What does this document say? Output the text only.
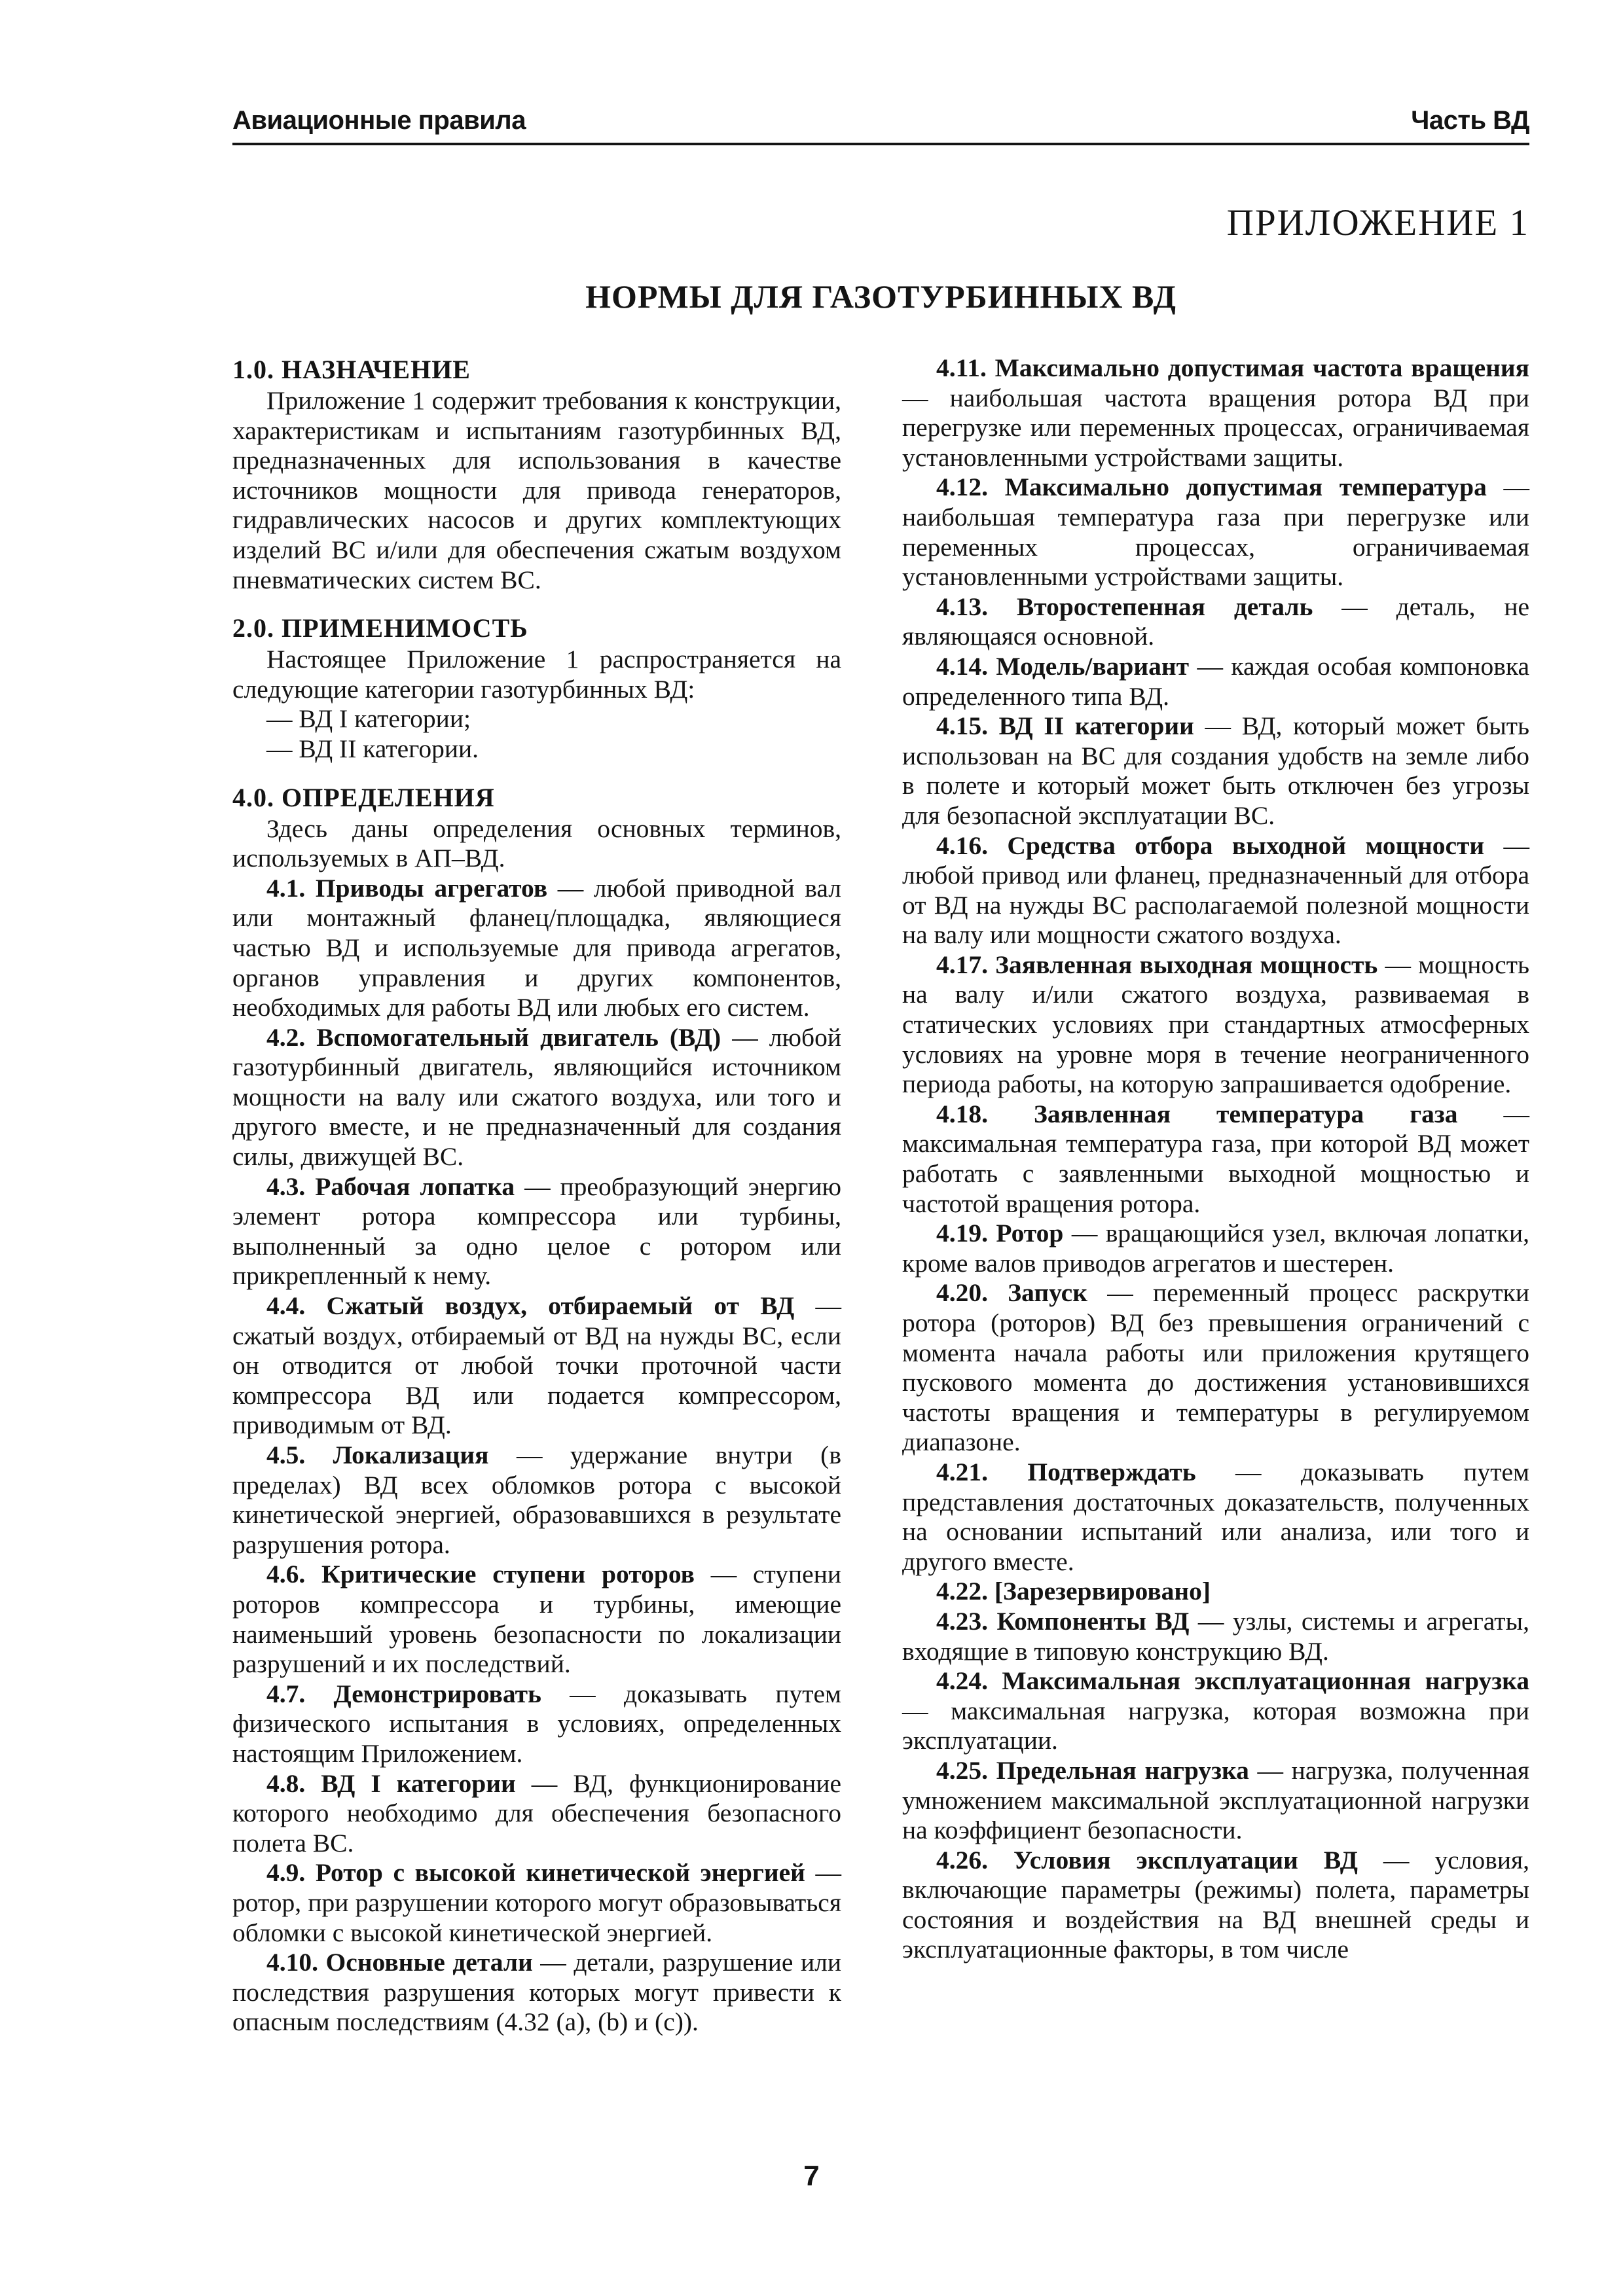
Авиационные правила	Часть ВД
ПРИЛОЖЕНИЕ 1
НОРМЫ ДЛЯ ГАЗОТУРБИННЫХ ВД
1.0. НАЗНАЧЕНИЕ

Приложение 1 содержит требования к конструкции, характеристикам и испытаниям газотурбинных ВД, предназначенных для использования в качестве источников мощности для привода генераторов, гидравлических насосов и других комплектующих изделий ВС и/или для обеспечения сжатым воздухом пневматических систем ВС.

2.0. ПРИМЕНИМОСТЬ

Настоящее Приложение 1 распространяется на следующие категории газотурбинных ВД:

— ВД I категории;

— ВД II категории.

4.0. ОПРЕДЕЛЕНИЯ

Здесь даны определения основных терминов, используемых в АП–ВД.

4.1. Приводы агрегатов — любой приводной вал или монтажный фланец/площадка, являющиеся частью ВД и используемые для привода агрегатов, органов управления и других компонентов, необходимых для работы ВД или любых его систем.

4.2. Вспомогательный двигатель (ВД) — любой газотурбинный двигатель, являющийся источником мощности на валу или сжатого воздуха, или того и другого вместе, и не предназначенный для создания силы, движущей ВС.

4.3. Рабочая лопатка — преобразующий энергию элемент ротора компрессора или турбины, выполненный за одно целое с ротором или прикрепленный к нему.

4.4. Сжатый воздух, отбираемый от ВД — сжатый воздух, отбираемый от ВД на нужды ВС, если он отводится от любой точки проточной части компрессора ВД или подается компрессором, приводимым от ВД.

4.5. Локализация — удержание внутри (в пределах) ВД всех обломков ротора с высокой кинетической энергией, образовавшихся в результате разрушения ротора.

4.6. Критические ступени роторов — ступени роторов компрессора и турбины, имеющие наименьший уровень безопасности по локализации разрушений и их последствий.

4.7. Демонстрировать — доказывать путем физического испытания в условиях, определенных настоящим Приложением.

4.8. ВД I категории — ВД, функционирование которого необходимо для обеспечения безопасного полета ВС.

4.9. Ротор с высокой кинетической энергией — ротор, при разрушении которого могут образовываться обломки с высокой кинетической энергией.

4.10. Основные детали — детали, разрушение или последствия разрушения которых могут привести к опасным последствиям (4.32 (a), (b) и (c)).

4.11. Максимально допустимая частота вращения — наибольшая частота вращения ротора ВД при перегрузке или переменных процессах, ограничиваемая установленными устройствами защиты.

4.12. Максимально допустимая температура — наибольшая температура газа при перегрузке или переменных процессах, ограничиваемая установленными устройствами защиты.

4.13. Второстепенная деталь — деталь, не являющаяся основной.

4.14. Модель/вариант — каждая особая компоновка определенного типа ВД.

4.15. ВД II категории — ВД, который может быть использован на ВС для создания удобств на земле либо в полете и который может быть отключен без угрозы для безопасной эксплуатации ВС.

4.16. Средства отбора выходной мощности — любой привод или фланец, предназначенный для отбора от ВД на нужды ВС располагаемой полезной мощности на валу или мощности сжатого воздуха.

4.17. Заявленная выходная мощность — мощность на валу и/или сжатого воздуха, развиваемая в статических условиях при стандартных атмосферных условиях на уровне моря в течение неограниченного периода работы, на которую запрашивается одобрение.

4.18. Заявленная температура газа — максимальная температура газа, при которой ВД может работать с заявленными выходной мощностью и частотой вращения ротора.

4.19. Ротор — вращающийся узел, включая лопатки, кроме валов приводов агрегатов и шестерен.

4.20. Запуск — переменный процесс раскрутки ротора (роторов) ВД без превышения ограничений с момента начала работы или приложения крутящего пускового момента до достижения установившихся частоты вращения и температуры в регулируемом диапазоне.

4.21. Подтверждать — доказывать путем представления достаточных доказательств, полученных на основании испытаний или анализа, или того и другого вместе.

4.22. [Зарезервировано]

4.23. Компоненты ВД — узлы, системы и агрегаты, входящие в типовую конструкцию ВД.

4.24. Максимальная эксплуатационная нагрузка — максимальная нагрузка, которая возможна при эксплуатации.

4.25. Предельная нагрузка — нагрузка, полученная умножением максимальной эксплуатационной нагрузки на коэффициент безопасности.

4.26. Условия эксплуатации ВД — условия, включающие параметры (режимы) полета, параметры состояния и воздействия на ВД внешней среды и эксплуатационные факторы, в том числе

7
